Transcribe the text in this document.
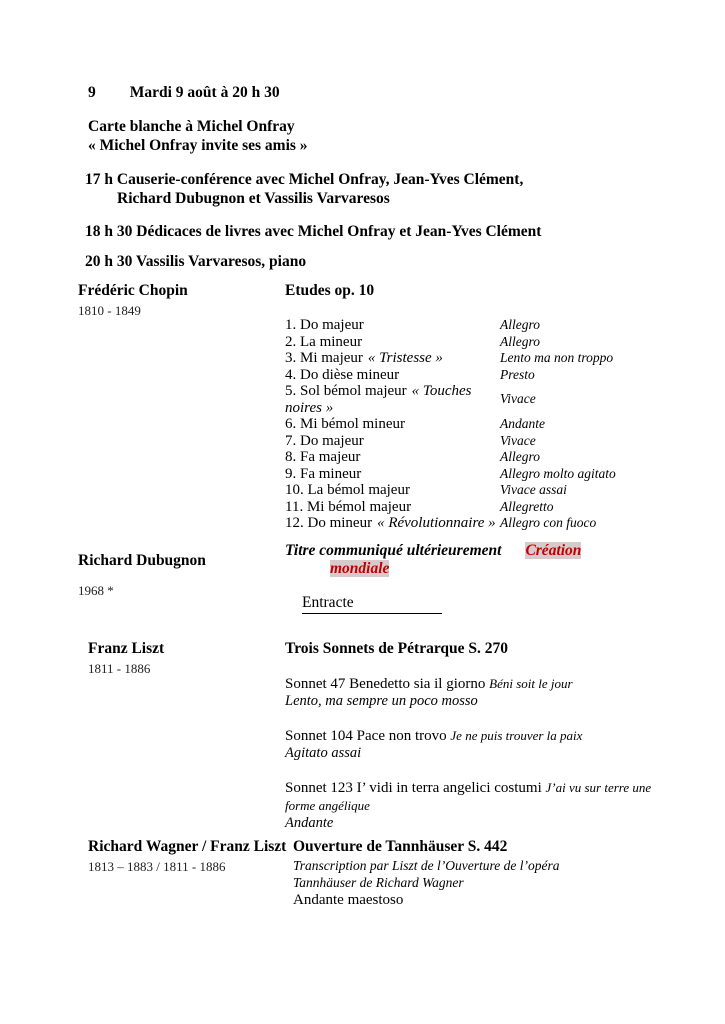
9 Mardi 9 août à 20 h 30
Carte blanche à Michel Onfray
« Michel Onfray invite ses amis »
17 h Causerie-conférence avec Michel Onfray, Jean-Yves Clément,
Richard Dubugnon et Vassilis Varvaresos
18 h 30 Dédicaces de livres avec Michel Onfray et Jean-Yves Clément
20 h 30 Vassilis Varvaresos, piano
Frédéric Chopin
1810 - 1849
Etudes op. 10
1. Do majeur	Allegro
2. La mineur	Allegro
3. Mi majeur « Tristesse »	Lento ma non troppo
4. Do dièse mineur	Presto
5. Sol bémol majeur « Touches noires »
Vivace
6. Mi bémol mineur	Andante
7. Do majeur	Vivace
8. Fa majeur	Allegro
9. Fa mineur	Allegro molto agitato
10. La bémol majeur	Vivace assai
11. Mi bémol majeur	Allegretto
12. Do mineur « Révolutionnaire » Allegro con fuoco
Richard Dubugnon
1968 *
Titre communiqué ultérieurement Création mondiale
Entracte
Franz Liszt
1811 - 1886
Trois Sonnets de Pétrarque S. 270
Sonnet 47 Benedetto sia il giorno Béni soit le jour
Lento, ma sempre un poco mosso
Sonnet 104 Pace non trovo Je ne puis trouver la paix
Agitato assai
Sonnet 123 I’ vidi in terra angelici costumi J’ai vu sur terre une forme angélique
Andante
Richard Wagner / Franz Liszt
1813 – 1883 / 1811 - 1886
Ouverture de Tannhäuser S. 442
Transcription par Liszt de l’Ouverture de l’opéra Tannhäuser de Richard Wagner
Andante maestoso
